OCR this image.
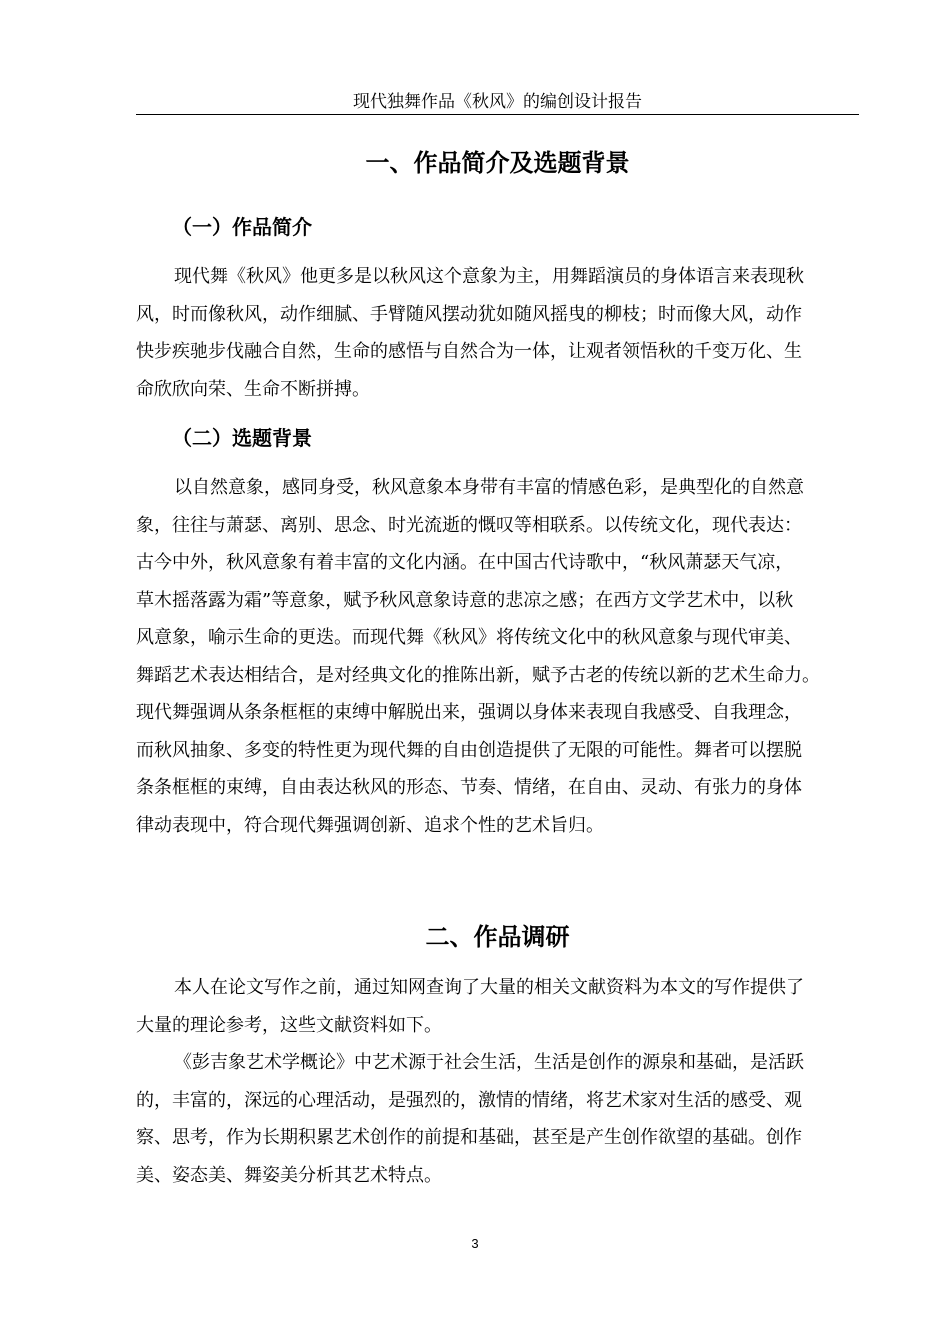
现代独舞作品《秋风》的编创设计报告
一、作品简介及选题背景
（一）作品简介
现代舞《秋风》他更多是以秋风这个意象为主，用舞蹈演员的身体语言来表现秋
风，时而像秋风，动作细腻、手臂随风摆动犹如随风摇曳的柳枝；时而像大风，动作
快步疾驰步伐融合自然，生命的感悟与自然合为一体，让观者领悟秋的千变万化、生
命欣欣向荣、生命不断拼搏。
（二）选题背景
以自然意象，感同身受，秋风意象本身带有丰富的情感色彩，是典型化的自然意
象，往往与萧瑟、离别、思念、时光流逝的慨叹等相联系。以传统文化，现代表达：
古今中外，秋风意象有着丰富的文化内涵。在中国古代诗歌中，“秋风萧瑟天气凉，
草木摇落露为霜”等意象，赋予秋风意象诗意的悲凉之感；在西方文学艺术中，以秋
风意象，喻示生命的更迭。而现代舞《秋风》将传统文化中的秋风意象与现代审美、
舞蹈艺术表达相结合，是对经典文化的推陈出新，赋予古老的传统以新的艺术生命力。
现代舞强调从条条框框的束缚中解脱出来，强调以身体来表现自我感受、自我理念，
而秋风抽象、多变的特性更为现代舞的自由创造提供了无限的可能性。舞者可以摆脱
条条框框的束缚，自由表达秋风的形态、节奏、情绪，在自由、灵动、有张力的身体
律动表现中，符合现代舞强调创新、追求个性的艺术旨归。
二、作品调研
本人在论文写作之前，通过知网查询了大量的相关文献资料为本文的写作提供了
大量的理论参考，这些文献资料如下。
《彭吉象艺术学概论》中艺术源于社会生活，生活是创作的源泉和基础，是活跃
的，丰富的，深远的心理活动，是强烈的，激情的情绪，将艺术家对生活的感受、观
察、思考，作为长期积累艺术创作的前提和基础，甚至是产生创作欲望的基础。创作
美、姿态美、舞姿美分析其艺术特点。
3
